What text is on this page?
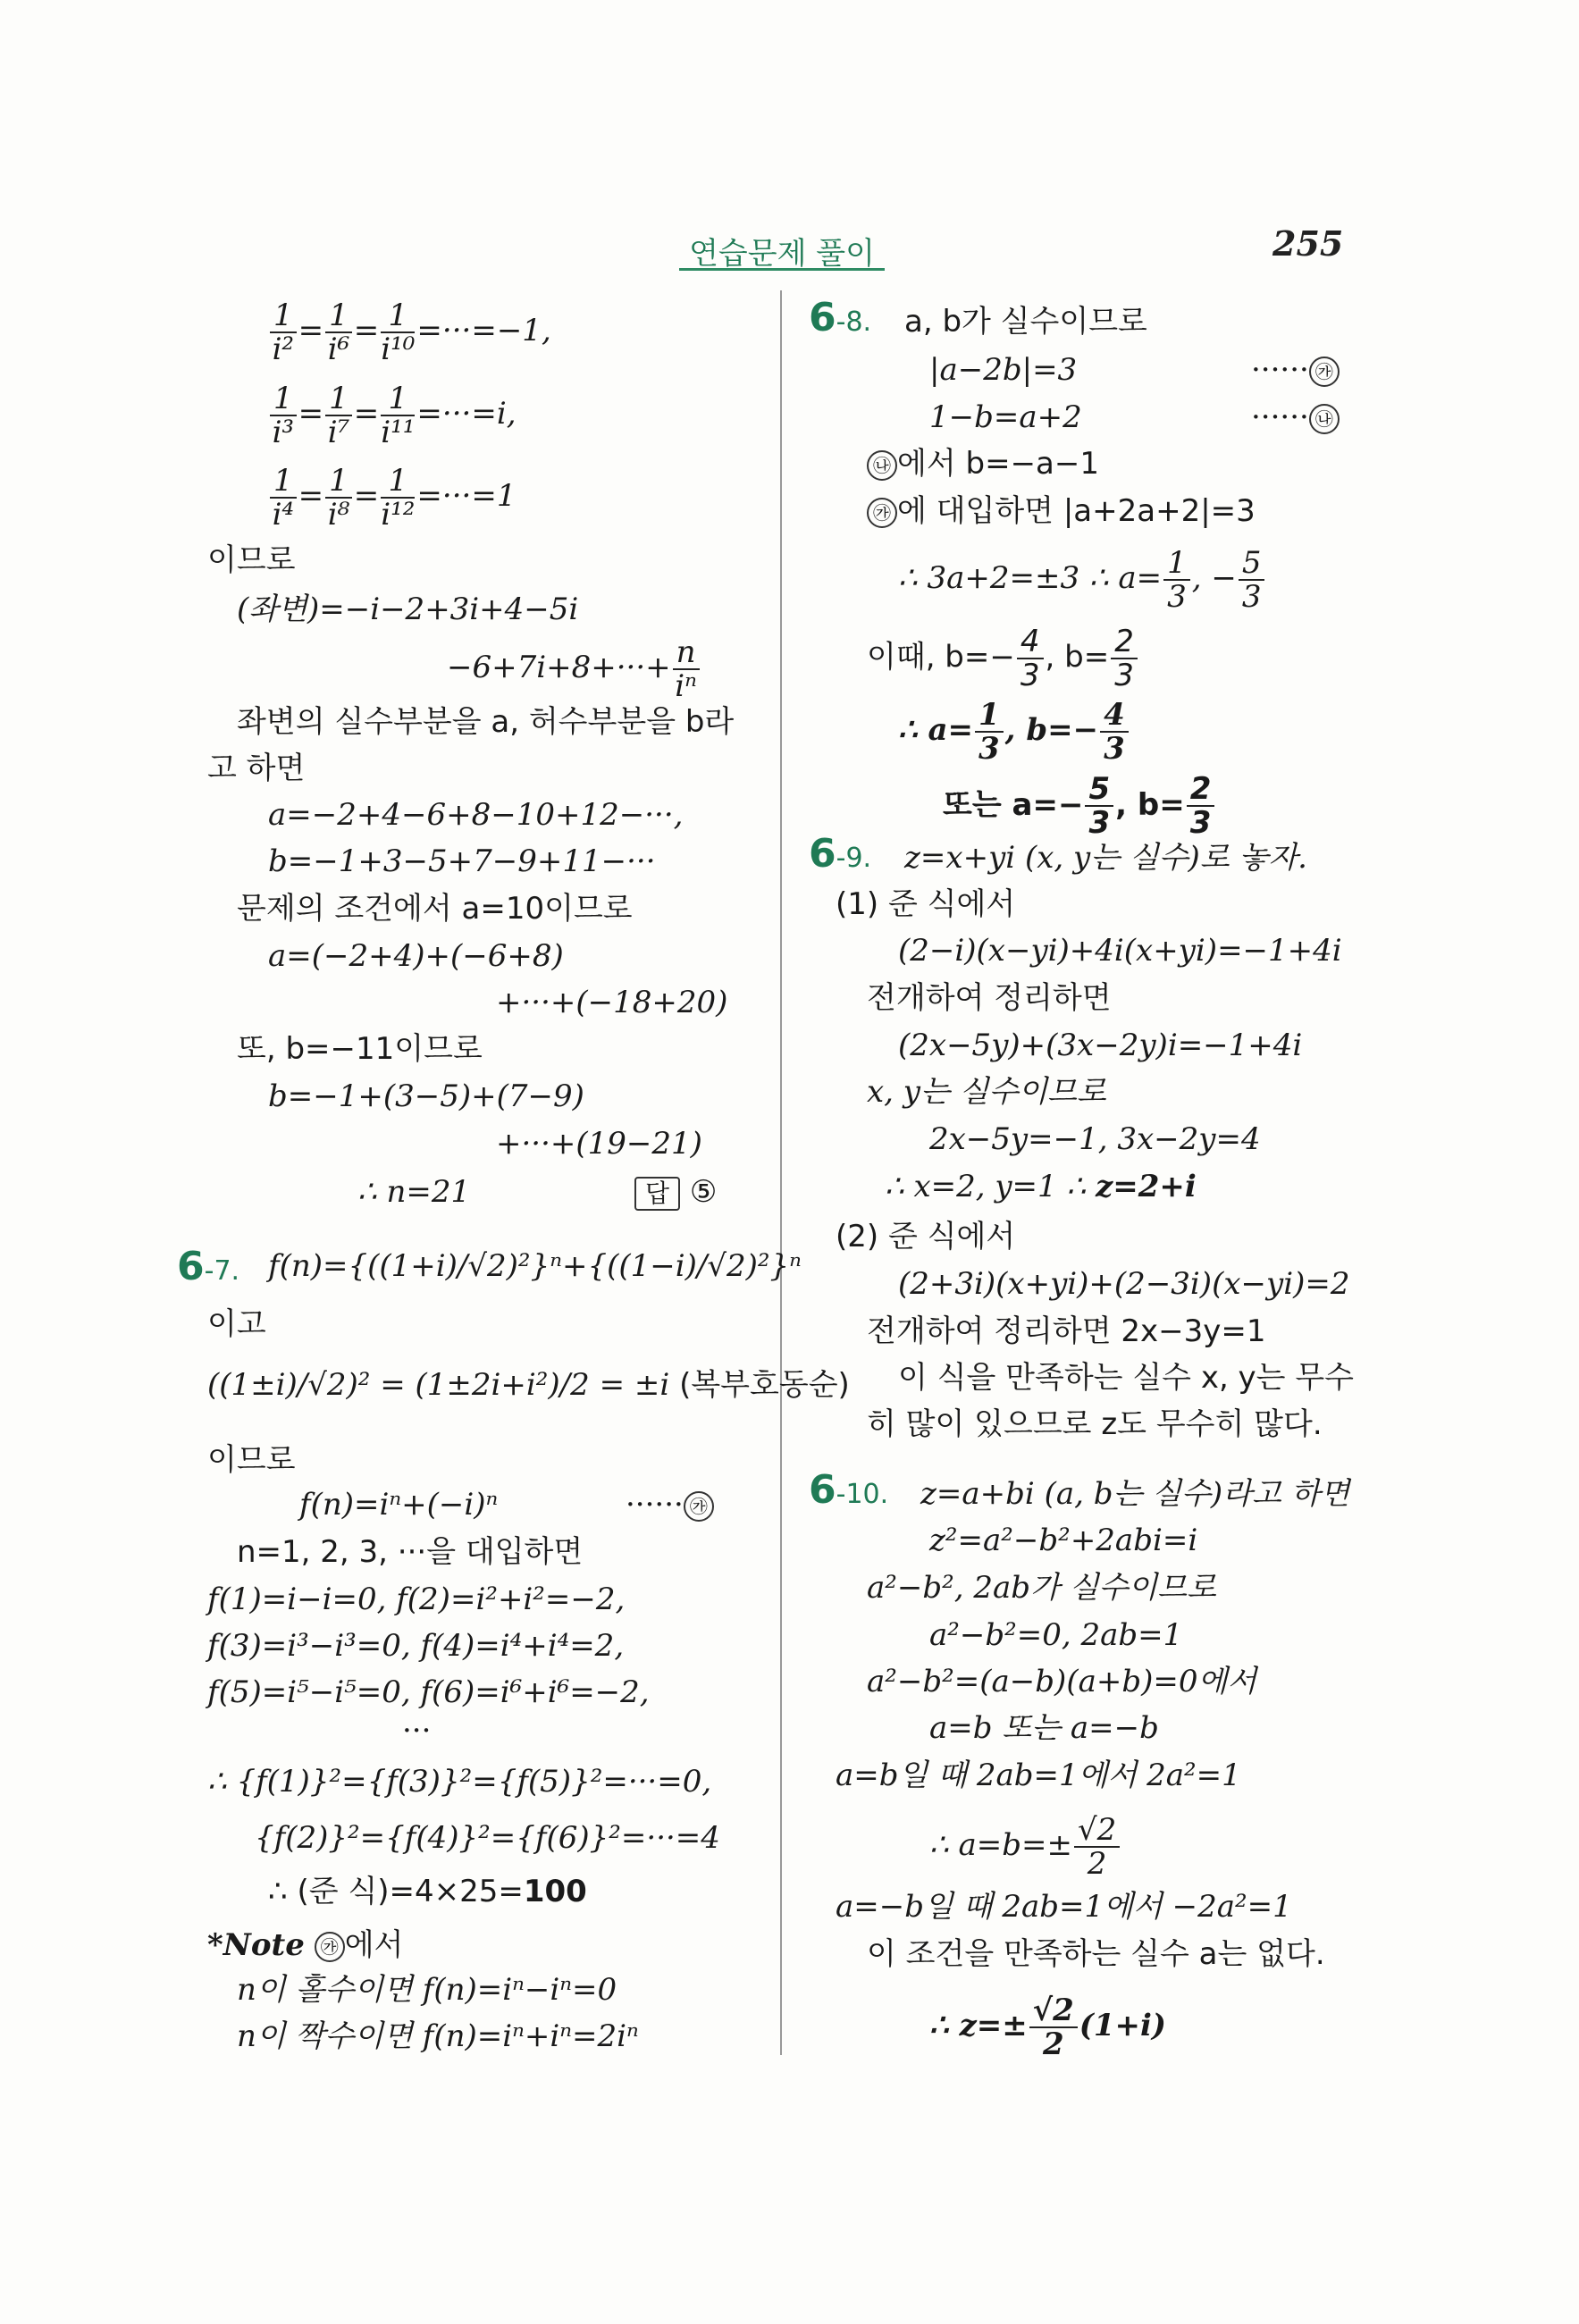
연습문제 풀이	255
$\frac{1}{\text{i²}} = \frac{1}{\text{i⁶}} = \frac{1}{\text{i¹⁰}} =\cdot\cdot\cdot=-1$,
$\frac{1}{\text{i³}} = \frac{1}{\text{i⁷}} = \frac{1}{\text{i¹¹}} =\cdot\cdot\cdot=i$,
$\frac{1}{\text{i⁴}} = \frac{1}{\text{i⁸}} = \frac{1}{\text{i¹²}} =\cdot\cdot\cdot=1$
이므로
(좌변)=−i−2+3i+4−5i
$-6+7i+8+\cdot\cdot\cdot+ \frac{n}{\text{iⁿ}}$
좌변의 실수부분을 a, 허수부분을 b라
고 하면
a=−2+4−6+8−10+12−···,
b=−1+3−5+7−9+11−···
문제의 조건에서 a=10이므로
a=(−2+4)+(−6+8)
+···+(−18+20)
또, b=−11이므로
b=−1+(3−5)+(7−9)
+···+(19−21)
∴ n=21	답 ⑤
6-7. f(n)={((1+i)/√2)²}ⁿ+{((1−i)/√2)²}ⁿ
이고
((1±i)/√2)² = (1±2i+i²)/2 = ±i (복부호동순)
이므로
f(n)=iⁿ+(−i)ⁿ	······ ㉮
n=1, 2, 3, ···을 대입하면
f(1)=i−i=0, f(2)=i²+i²=−2,
f(3)=i³−i³=0, f(4)=i⁴+i⁴=2,
f(5)=i⁵−i⁵=0, f(6)=i⁶+i⁶=−2,
···
∴ {f(1)}²={f(3)}²={f(5)}²=···=0,
{f(2)}²={f(4)}²={f(6)}²=···=4
∴ (준 식)=4×25=100
*Note ㉮ 에서
n이 홀수이면 f(n)=iⁿ−iⁿ=0
n이 짝수이면 f(n)=iⁿ+iⁿ=2iⁿ
6-8. a, b가 실수이므로
|a−2b|=3	······ ㉮
1−b=a+2	······ ㉯
㉯ 에서 b=−a−1
㉮ 에 대입하면 |a+2a+2|=3
∴ 3a+2=±3 ∴ $a= \frac{1}{3}$ , − $\frac{5}{3}$
이때, $b=- \frac{4}{3}$ , $b= \frac{2}{3}$
∴ $a= \frac{1}{3}$ , $b=- \frac{4}{3}$
또는 $a=- \frac{5}{3}$ , $b= \frac{2}{3}$
6-9. z=x+yi (x, y는 실수)로 놓자.
(1) 준 식에서
(2−i)(x−yi)+4i(x+yi)=−1+4i
전개하여 정리하면
(2x−5y)+(3x−2y)i=−1+4i
x, y는 실수이므로
2x−5y=−1, 3x−2y=4
∴ x=2, y=1 ∴ z=2+i
(2) 준 식에서
(2+3i)(x+yi)+(2−3i)(x−yi)=2
전개하여 정리하면 2x−3y=1
이 식을 만족하는 실수 x, y는 무수
히 많이 있으므로 z도 무수히 많다.
6-10. z=a+bi (a, b는 실수)라고 하면
z²=a²−b²+2abi=i
a²−b², 2ab가 실수이므로
a²−b²=0, 2ab=1
a²−b²=(a−b)(a+b)=0에서
a=b 또는 a=−b
a=b일 때 2ab=1에서 2a²=1
∴ $a=b=\pm \frac{√2}{2}$
a=−b일 때 2ab=1에서 −2a²=1
이 조건을 만족하는 실수 a는 없다.
∴ $z=\pm \frac{√2}{2} (1+i)$
